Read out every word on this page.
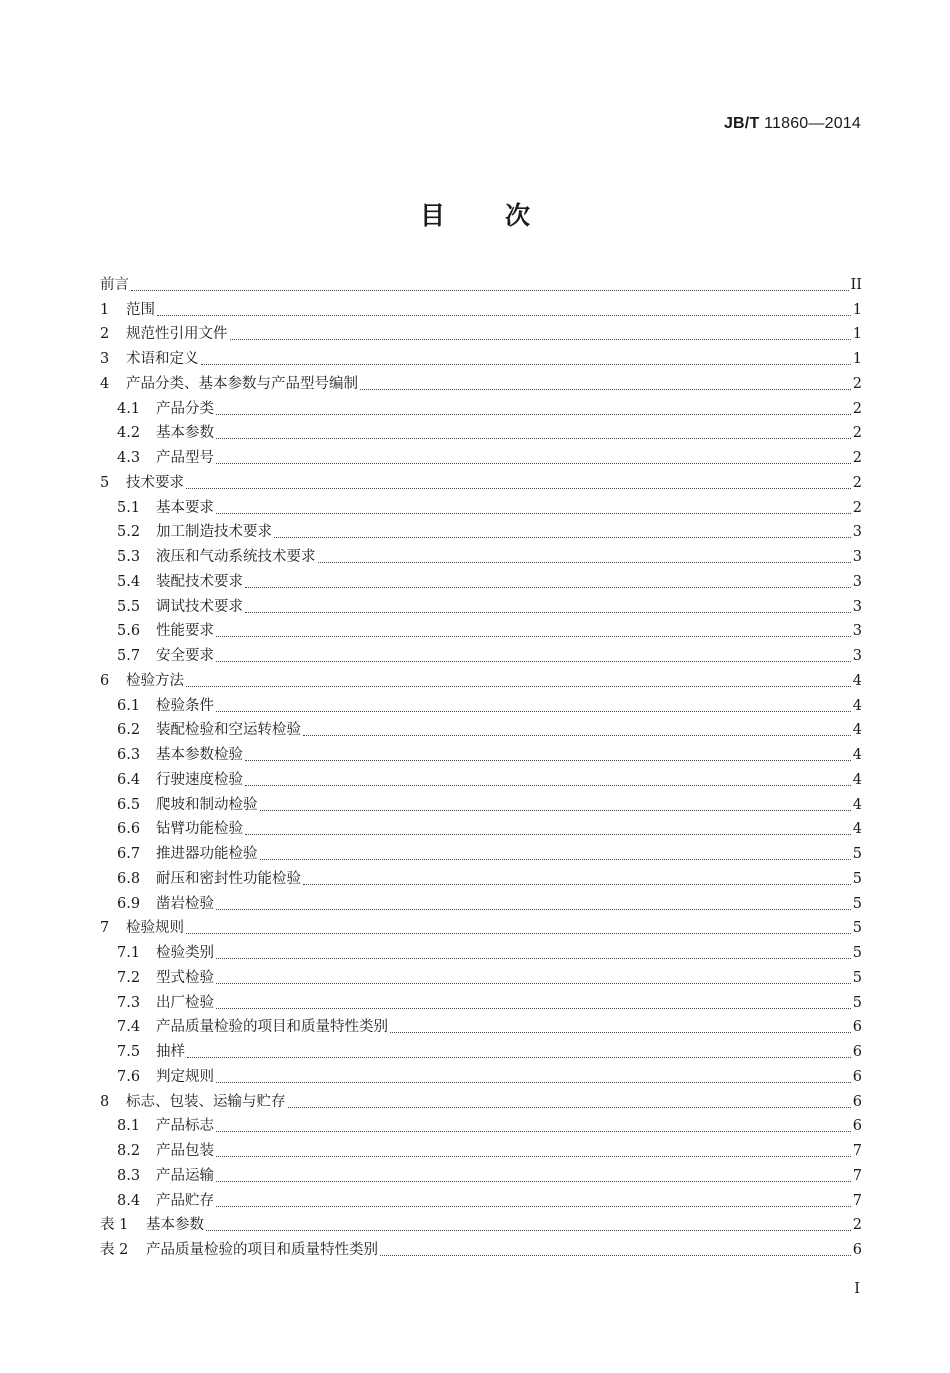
JB/T 11860—2014
目 次
前言	II
1	范围	1
2	规范性引用文件	1
3	术语和定义	1
4	产品分类、基本参数与产品型号编制	2
4.1	产品分类	2
4.2	基本参数	2
4.3	产品型号	2
5	技术要求	2
5.1	基本要求	2
5.2	加工制造技术要求	3
5.3	液压和气动系统技术要求	3
5.4	装配技术要求	3
5.5	调试技术要求	3
5.6	性能要求	3
5.7	安全要求	3
6	检验方法	4
6.1	检验条件	4
6.2	装配检验和空运转检验	4
6.3	基本参数检验	4
6.4	行驶速度检验	4
6.5	爬坡和制动检验	4
6.6	钻臂功能检验	4
6.7	推进器功能检验	5
6.8	耐压和密封性功能检验	5
6.9	凿岩检验	5
7	检验规则	5
7.1	检验类别	5
7.2	型式检验	5
7.3	出厂检验	5
7.4	产品质量检验的项目和质量特性类别	6
7.5	抽样	6
7.6	判定规则	6
8	标志、包装、运输与贮存	6
8.1	产品标志	6
8.2	产品包装	7
8.3	产品运输	7
8.4	产品贮存	7
表 1	基本参数	2
表 2	产品质量检验的项目和质量特性类别	6
I
